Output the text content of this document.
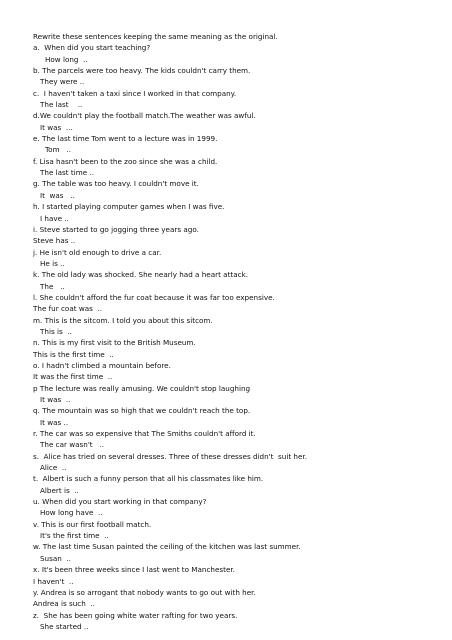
Rewrite these sentences keeping the same meaning as the original.
a.  When did you start teaching?
How long  ..
b. The parcels were too heavy. The kids couldn't carry them.
They were ..
c.  I haven't taken a taxi since I worked in that company.
The last    ..
d.We couldn't play the football match.The weather was awful.
It was  ...
e. The last time Tom went to a lecture was in 1999.
Tom   ..
f. Lisa hasn't been to the zoo since she was a child.
The last time ..
g. The table was too heavy. I couldn't move it.
It  was   ..
h. I started playing computer games when I was five.
I have ..
i. Steve started to go jogging three years ago.
Steve has ..
j. He isn't old enough to drive a car.
He is ..
k. The old lady was shocked. She nearly had a heart attack.
The   ..
l. She couldn't afford the fur coat because it was far too expensive.
The fur coat was  ..
m. This is the sitcom. I told you about this sitcom.
This is  ..
n. This is my first visit to the British Museum.
This is the first time  ..
o. I hadn't climbed a mountain before.
It was the first time  ..
p The lecture was really amusing. We couldn't stop laughing
It was  ..
q. The mountain was so high that we couldn't reach the top.
It was ..
r. The car was so expensive that The Smiths couldn't afford it.
The car wasn't   ..
s.  Alice has tried on several dresses. Three of these dresses didn't  suit her.
Alice  ..
t.  Albert is such a funny person that all his classmates like him.
Albert is  ..
u. When did you start working in that company?
How long have  ..
v. This is our first football match.
It's the first time  ..
w. The last time Susan painted the ceiling of the kitchen was last summer.
Susan  ..
x. It's been three weeks since I last went to Manchester.
I haven't  ..
y. Andrea is so arrogant that nobody wants to go out with her.
Andrea is such  ..
z.  She has been going white water rafting for two years.
She started ..
